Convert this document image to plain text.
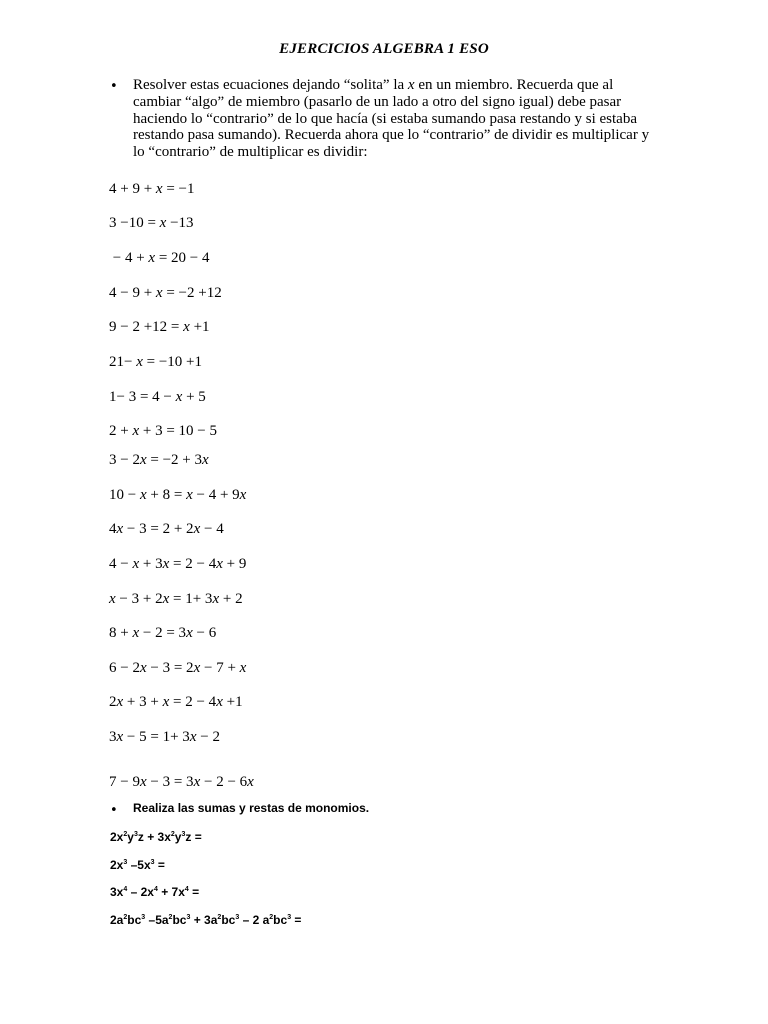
EJERCICIOS ALGEBRA 1 ESO
• Resolver estas ecuaciones dejando “solita” la x en un miembro. Recuerda que al cambiar “algo” de miembro (pasarlo de un lado a otro del signo igual) debe pasar haciendo lo “contrario” de lo que hacía (si estaba sumando pasa restando y si estaba restando pasa sumando). Recuerda ahora que lo “contrario” de dividir es multiplicar y lo “contrario” de multiplicar es dividir:
4 + 9 + x = −1
3 −10 = x −13
− 4 + x = 20 − 4
4 − 9 + x = −2 +12
9 − 2 +12 = x +1
21− x = −10 +1
1− 3 = 4 − x + 5
2 + x + 3 = 10 − 5
3 − 2x = −2 + 3x
10 − x + 8 = x − 4 + 9x
4x − 3 = 2 + 2x − 4
4 − x + 3x = 2 − 4x + 9
x − 3 + 2x = 1+ 3x + 2
8 + x − 2 = 3x − 6
6 − 2x − 3 = 2x − 7 + x
2x + 3 + x = 2 − 4x +1
3x − 5 = 1+ 3x − 2
7 − 9x − 3 = 3x − 2 − 6x
• Realiza las sumas y restas de monomios.
$2x^2y^3z + 3x^2y^3z$ =
$2x^3$ $-5x^3$ =
$3x^4 - 2x^4 + 7x^4$ =
$2a^2bc^3$ $-5a^2bc^3 + 3a^2bc^3 - 2$ $a^2bc^3$ =
